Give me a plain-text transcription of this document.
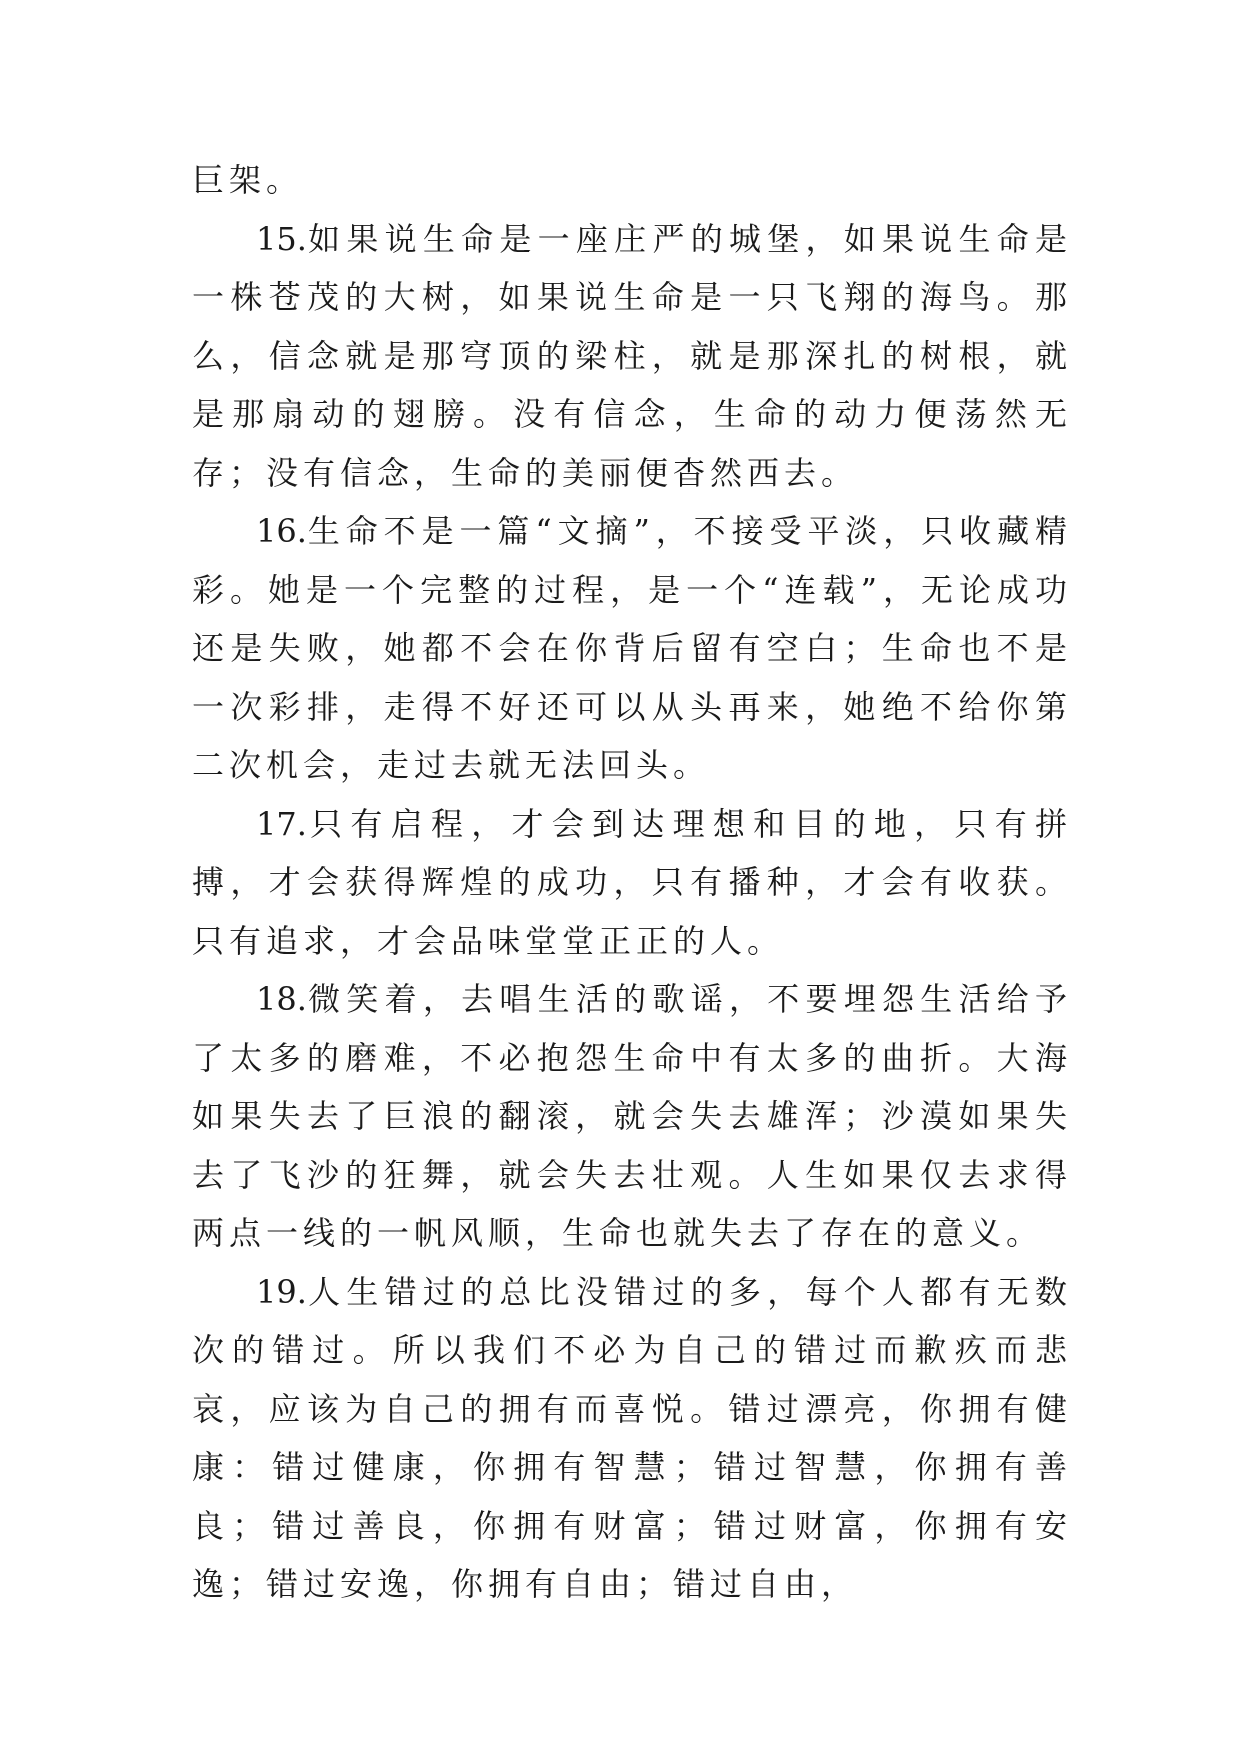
巨架。

15.如果说生命是一座庄严的城堡，如果说生命是一株苍茂的大树，如果说生命是一只飞翔的海鸟。那么，信念就是那穹顶的梁柱，就是那深扎的树根，就是那扇动的翅膀。没有信念，生命的动力便荡然无存；没有信念，生命的美丽便杳然西去。

16.生命不是一篇“文摘”，不接受平淡，只收藏精彩。她是一个完整的过程，是一个“连载”，无论成功还是失败，她都不会在你背后留有空白；生命也不是一次彩排，走得不好还可以从头再来，她绝不给你第二次机会，走过去就无法回头。

17.只有启程，才会到达理想和目的地，只有拼搏，才会获得辉煌的成功，只有播种，才会有收获。只有追求，才会品味堂堂正正的人。

18.微笑着，去唱生活的歌谣，不要埋怨生活给予了太多的磨难，不必抱怨生命中有太多的曲折。大海如果失去了巨浪的翻滚，就会失去雄浑；沙漠如果失去了飞沙的狂舞，就会失去壮观。人生如果仅去求得两点一线的一帆风顺，生命也就失去了存在的意义。

19.人生错过的总比没错过的多，每个人都有无数次的错过。所以我们不必为自己的错过而歉疚而悲哀，应该为自己的拥有而喜悦。错过漂亮，你拥有健康：错过健康，你拥有智慧；错过智慧，你拥有善良；错过善良，你拥有财富；错过财富，你拥有安逸；错过安逸，你拥有自由；错过自由，
